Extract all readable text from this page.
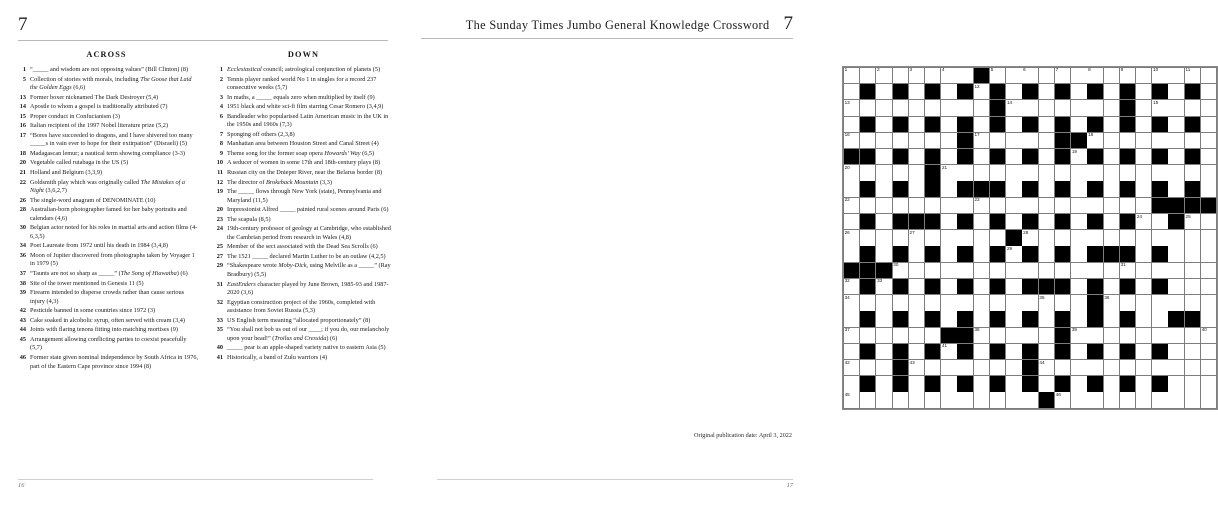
7
ACROSS
1 “_____ and wisdom are not opposing values” (Bill Clinton) (8)
5 Collection of stories with morals, including The Goose that Laid the Golden Eggs (6,6)
13 Former boxer nicknamed The Dark Destroyer (5,4)
14 Apostle to whom a gospel is traditionally attributed (7)
15 Proper conduct in Confucianism (3)
16 Italian recipient of the 1997 Nobel literature prize (5,2)
17 “Bores have succeeded to dragons, and I have shivered too many _____s in vain ever to hope for their extirpation” (Disraeli) (5)
18 Madagascan lemur; a nautical term showing compliance (3-3)
20 Vegetable called rutabaga in the US (5)
21 Holland and Belgium (3,3,9)
22 Goldsmith play which was originally called The Mistakes of a Night (3,6,2,7)
26 The single-word anagram of DENOMINATE (10)
28 Australian-born photographer famed for her baby portraits and calendars (4,6)
30 Belgian actor noted for his roles in martial arts and action films (4-6,3,5)
34 Poet Laureate from 1972 until his death in 1984 (3,4,8)
36 Moon of Jupiter discovered from photographs taken by Voyager 1 in 1979 (5)
37 “Taunts are not so sharp as _____” (The Song of Hiawatha) (6)
38 Site of the tower mentioned in Genesis 11 (5)
39 Firearm intended to disperse crowds rather than cause serious injury (4,3)
42 Pesticide banned in some countries since 1972 (3)
43 Cake soaked in alcoholic syrup, often served with cream (3,4)
44 Joints with flaring tenons fitting into matching mortises (9)
45 Arrangement allowing conflicting parties to coexist peacefully (5,7)
46 Former state given nominal independence by South Africa in 1976, part of the Eastern Cape province since 1994 (8)
DOWN
1 Ecclesiastical council; astrological conjunction of planets (5)
2 Tennis player ranked world No 1 in singles for a record 237 consecutive weeks (5,7)
3 In maths, a _____ equals zero when multiplied by itself (9)
4 1951 black and white sci-fi film starring Cesar Romero (3,4,9)
6 Bandleader who popularised Latin American music in the UK in the 1950s and 1960s (7,3)
7 Sponging off others (2,3,8)
8 Manhattan area between Houston Street and Canal Street (4)
9 Theme song for the former soap opera Howards’ Way (6,5)
10 A seducer of women in some 17th and 18th-century plays (8)
11 Russian city on the Dnieper River, near the Belarus border (8)
12 The director of Brokeback Mountain (3,3)
19 The _____ flows through New York (state), Pennsylvania and Maryland (11,5)
20 Impressionist Alfred _____ painted rural scenes around Paris (6)
23 The scapula (8,5)
24 19th-century professor of geology at Cambridge, who established the Cambrian period from research in Wales (4,8)
25 Member of the sect associated with the Dead Sea Scrolls (6)
27 The 1521 _____ declared Martin Luther to be an outlaw (4,2,5)
29 “Shakespeare wrote Moby-Dick, using Melville as a _____” (Ray Bradbury) (5,5)
31 EastEnders character played by June Brown, 1985-93 and 1987-2020 (3,6)
32 Egyptian construction project of the 1960s, completed with assistance from Soviet Russia (5,3)
33 US English term meaning “allocated proportionately” (8)
35 “You shall not bob us out of our ____; if you do, our melancholy upon your head!” (Troilus and Cressida) (6)
40 _____ pear is an apple-shaped variety native to eastern Asia (5)
41 Historically, a band of Zulu warriors (4)
16
The Sunday Times Jumbo General Knowledge Crossword 7
1	2	3	4	5	6	7	8	9	10	11
12
13	14	15
16	17	18
19
20	21
22	23
24	25
26	27	28
29
30	31
32	33
34	35	36
37	38	39	40
41
42	43	44
45	46
Original publication date: April 3, 2022
17
